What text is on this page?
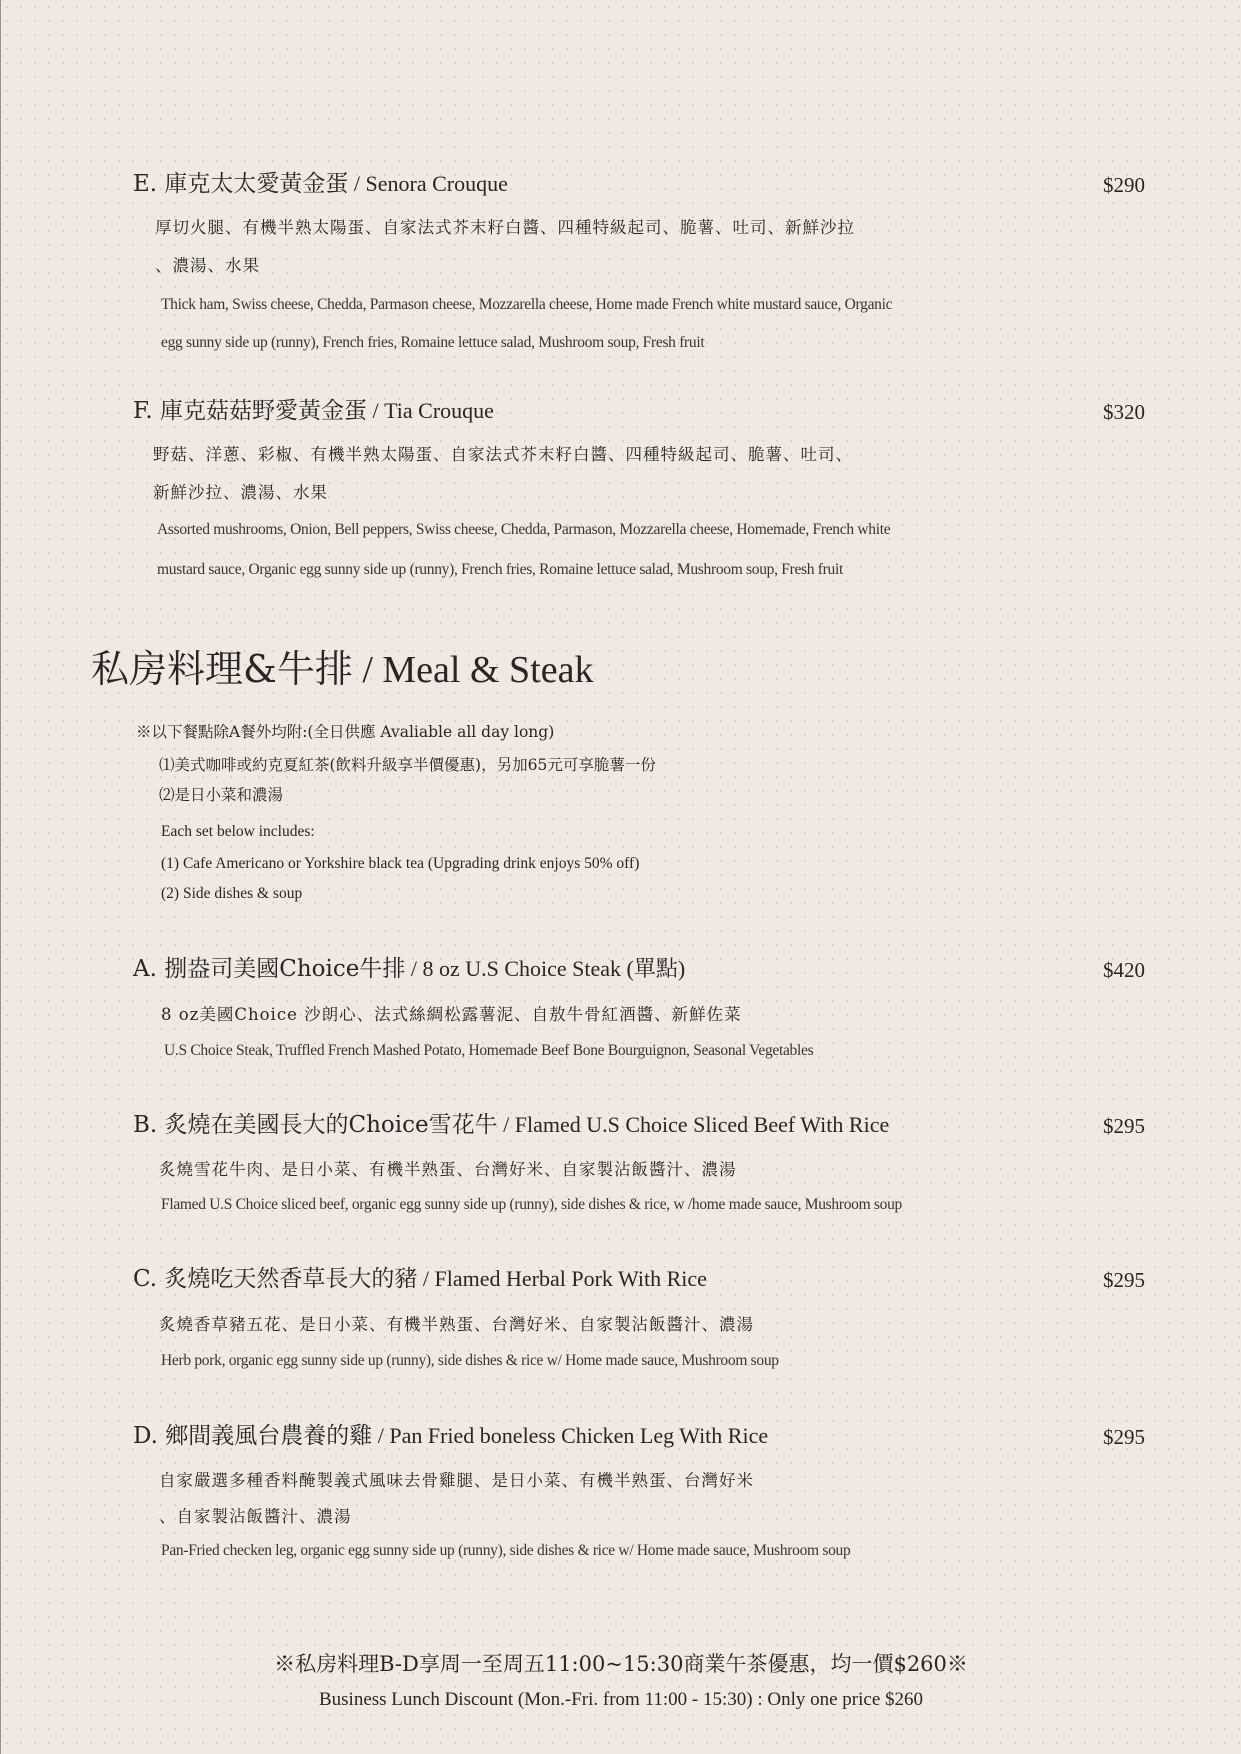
E. 庫克太太愛黃金蛋 / Senora Crouque	$290
厚切火腿、有機半熟太陽蛋、自家法式芥末籽白醬、四種特級起司、脆薯、吐司、新鮮沙拉
、濃湯、水果
Thick ham, Swiss cheese, Chedda, Parmason cheese, Mozzarella cheese, Home made French white mustard sauce, Organic
egg sunny side up (runny), French fries, Romaine lettuce salad, Mushroom soup, Fresh fruit
F. 庫克菇菇野愛黃金蛋 / Tia Crouque	$320
野菇、洋蔥、彩椒、有機半熟太陽蛋、自家法式芥末籽白醬、四種特級起司、脆薯、吐司、
新鮮沙拉、濃湯、水果
Assorted mushrooms, Onion, Bell peppers, Swiss cheese, Chedda, Parmason, Mozzarella cheese, Homemade, French white
mustard sauce, Organic egg sunny side up (runny), French fries, Romaine lettuce salad, Mushroom soup, Fresh fruit
私房料理&牛排 / Meal & Steak
※以下餐點除A餐外均附:(全日供應 Avaliable all day long)
⑴美式咖啡或約克夏紅茶(飲料升級享半價優惠)，另加65元可享脆薯一份
⑵是日小菜和濃湯
Each set below includes:
(1) Cafe Americano or Yorkshire black tea (Upgrading drink enjoys 50% off)
(2) Side dishes & soup
A. 捌盎司美國Choice牛排 / 8 oz U.S Choice Steak (單點)	$420
8 oz美國Choice 沙朗心、法式絲綢松露薯泥、自敖牛骨紅酒醬、新鮮佐菜
U.S Choice Steak, Truffled French Mashed Potato, Homemade Beef Bone Bourguignon, Seasonal Vegetables
B. 炙燒在美國長大的Choice雪花牛 / Flamed U.S Choice Sliced Beef With Rice	$295
炙燒雪花牛肉、是日小菜、有機半熟蛋、台灣好米、自家製沾飯醬汁、濃湯
Flamed U.S Choice sliced beef, organic egg sunny side up (runny), side dishes & rice, w /home made sauce, Mushroom soup
C. 炙燒吃天然香草長大的豬 / Flamed Herbal Pork With Rice	$295
炙燒香草豬五花、是日小菜、有機半熟蛋、台灣好米、自家製沾飯醬汁、濃湯
Herb pork, organic egg sunny side up (runny), side dishes & rice w/ Home made sauce, Mushroom soup
D. 鄉間義風台農養的雞 / Pan Fried boneless Chicken Leg With Rice	$295
自家嚴選多種香料醃製義式風味去骨雞腿、是日小菜、有機半熟蛋、台灣好米
、自家製沾飯醬汁、濃湯
Pan-Fried checken leg, organic egg sunny side up (runny), side dishes & rice w/ Home made sauce, Mushroom soup
※私房料理B-D享周一至周五11:00~15:30商業午茶優惠，均一價$260※
Business Lunch Discount (Mon.-Fri. from 11:00 - 15:30) : Only one price $260
